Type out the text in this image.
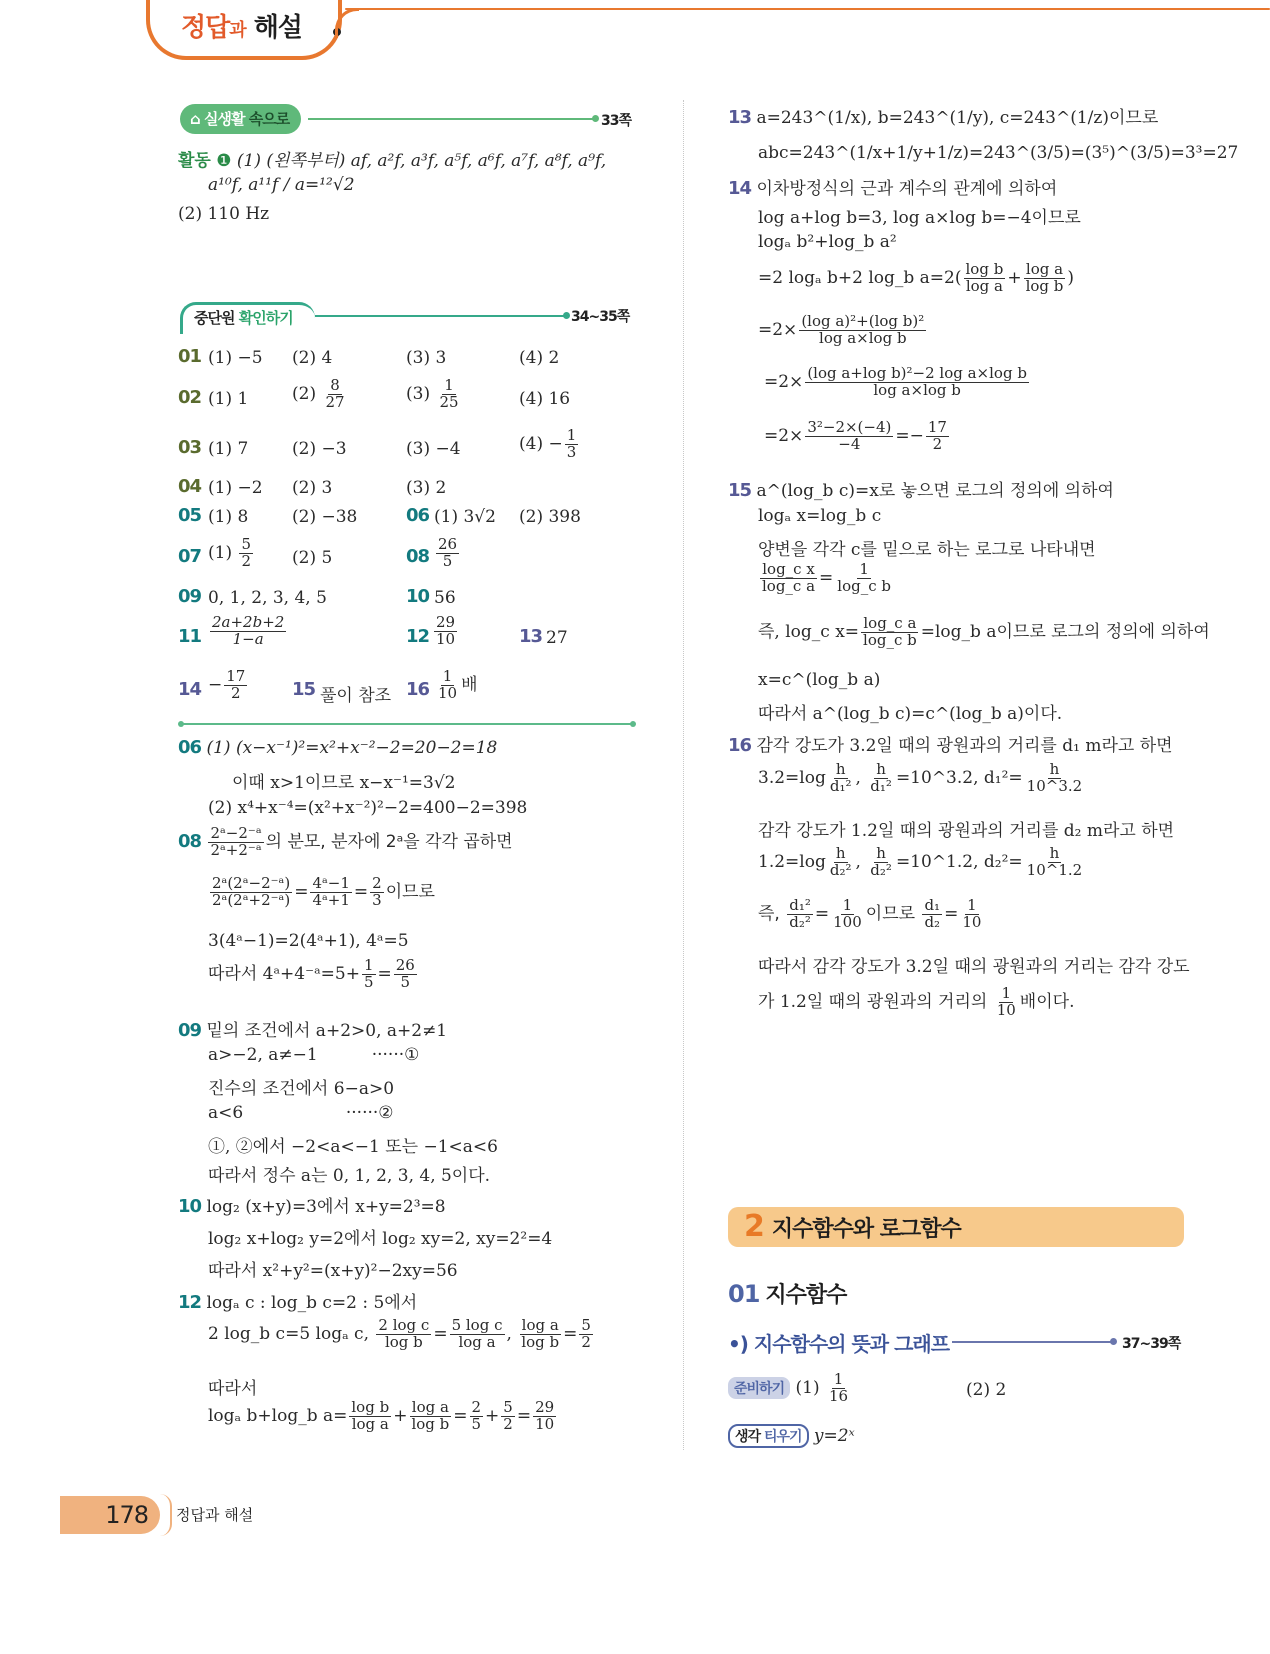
정답과 해설
⌂ 실생활 속으로	33쪽
활동 ❶ (1) (왼쪽부터) af, a²f, a³f, a⁵f, a⁶f, a⁷f, a⁸f, a⁹f,
a¹⁰f, a¹¹f / a=¹²√2
(2) 110 Hz
중단원 확인하기	34~35쪽
01 (1) −5 (2) 4	(3) 3	(4) 2
02 (1) 1	$(2) \frac{8}{27}$	$(3) \frac{1}{25}$	(4) 16
03 (1) 7	(2) −3	(3) −4	$(4) - \frac{1}{3}$
04 (1) −2 (2) 3	(3) 2
05 (1) 8	(2) −38	06 (1) 3√2 (2) 398
07 $(1) \frac{5}{2} (2)$ 5	$08 \frac{26}{5}$
09 0, 1, 2, 3, 4, 5	10 56
$11 \frac{2a+2b+2}{1-a}$	$12 \frac{29}{10}$	13 27
$14 - \frac{17}{2} 15$ 풀이 참조 $16 \frac{1}{10}$ 배
06 (1) (x−x⁻¹)²=x²+x⁻²−2=20−2=18
이때 x>1이므로 x−x⁻¹=3√2
(2) x⁴+x⁻⁴=(x²+x⁻²)²−2=400−2=398
$08 \frac{\text{2ᵃ−2⁻ᵃ}}{\text{2ᵃ+2⁻ᵃ}}$ 의 분모, 분자에 2ᵃ을 각각 곱하면
$\frac{\text{2ᵃ(2ᵃ−2⁻ᵃ)}}{\text{2ᵃ(2ᵃ+2⁻ᵃ)}} = \frac{\text{4ᵃ−1}}{\text{4ᵃ+1}} = \frac{2}{3}$ 이므로
3(4ᵃ−1)=2(4ᵃ+1), 4ᵃ=5
따라서 4ᵃ+4⁻ᵃ=5+ $\frac{1}{5} = \frac{26}{5}$
09 밑의 조건에서 a+2>0, a+2≠1
a>−2, a≠−1          ······①
진수의 조건에서 6−a>0
a<6                   ······②
①, ②에서 −2<a<−1 또는 −1<a<6
따라서 정수 a는 0, 1, 2, 3, 4, 5이다.
10 log₂ (x+y)=3에서 x+y=2³=8
log₂ x+log₂ y=2에서 log₂ xy=2, xy=2²=4
따라서 x²+y²=(x+y)²−2xy=56
12 logₐ c : log_b c=2 : 5에서
2 log_b c=5 logₐ c, $\frac{\text{2 log c}}{\text{log b}} = \frac{\text{5 log c}}{\text{log a}}$ , $\frac{\text{log a}}{\text{log b}} = \frac{5}{2}$
따라서
logₐ b+log_b $a= \frac{\text{log b}}{\text{log a}} + \frac{\text{log a}}{\text{log b}} = \frac{2}{5} + \frac{5}{2} = \frac{29}{10}$
13 a=243^(1/x), b=243^(1/y), c=243^(1/z)이므로
abc=243^(1/x+1/y+1/z)=243^(3/5)=(3⁵)^(3/5)=3³=27
14 이차방정식의 근과 계수의 관계에 의하여
log a+log b=3, log a×log b=−4이므로
logₐ b²+log_b a²
=2 logₐ b+2 log_b $a=2( \frac{\text{log b}}{\text{log a}} + \frac{\text{log a}}{\text{log b}}$ )
$=2\times \frac{\text{(log a)²+(log b)²}}{\text{log a×log b}}$
$=2\times \frac{\text{(log a+log b)²−2 log a×log b}}{\text{log a×log b}}$
$=2\times \frac{\text{3²−2×(−4)}}{-4} =- \frac{17}{2}$
15 a^(log_b c)=x로 놓으면 로그의 정의에 의하여
logₐ x=log_b c
양변을 각각 c를 밑으로 하는 로그로 나타내면
$\frac{\text{log\_c x}}{\text{log\_c a}} = \frac{1}{\text{log\_c b}}$
즉, log_c $x= \frac{\text{log\_c a}}{\text{log\_c b}}$ =log_b a이므로 로그의 정의에 의하여
x=c^(log_b a)
따라서 a^(log_b c)=c^(log_b a)이다.
16 감각 강도가 3.2일 때의 광원과의 거리를 d₁ m라고 하면
$3.2=\log \frac{h}{\text{d₁²}}$ , $\frac{h}{\text{d₁²}}$ =10^3.2, $d_1^2= \frac{h}{10\^{}3.2}$
감각 강도가 1.2일 때의 광원과의 거리를 d₂ m라고 하면
$1.2=\log \frac{h}{\text{d₂²}}$ , $\frac{h}{\text{d₂²}}$ =10^1.2, $d_2^2= \frac{h}{10\^{}1.2}$
즉, $\frac{\text{d₁²}}{\text{d₂²}} = \frac{1}{100}$ 이므로 $\frac{\text{d₁}}{\text{d₂}} = \frac{1}{10}$
따라서 감각 강도가 3.2일 때의 광원과의 거리는 감각 강도
가 1.2일 때의 광원과의 거리의 $\frac{1}{10}$ 배이다.
2 지수함수와 로그함수
01 지수함수
•) 지수함수의 뜻과 그래프	37~39쪽
준비하기 $(1) \frac{1}{16}$	(2) 2
생각 티우기 y=2ˣ
178	정답과 해설
